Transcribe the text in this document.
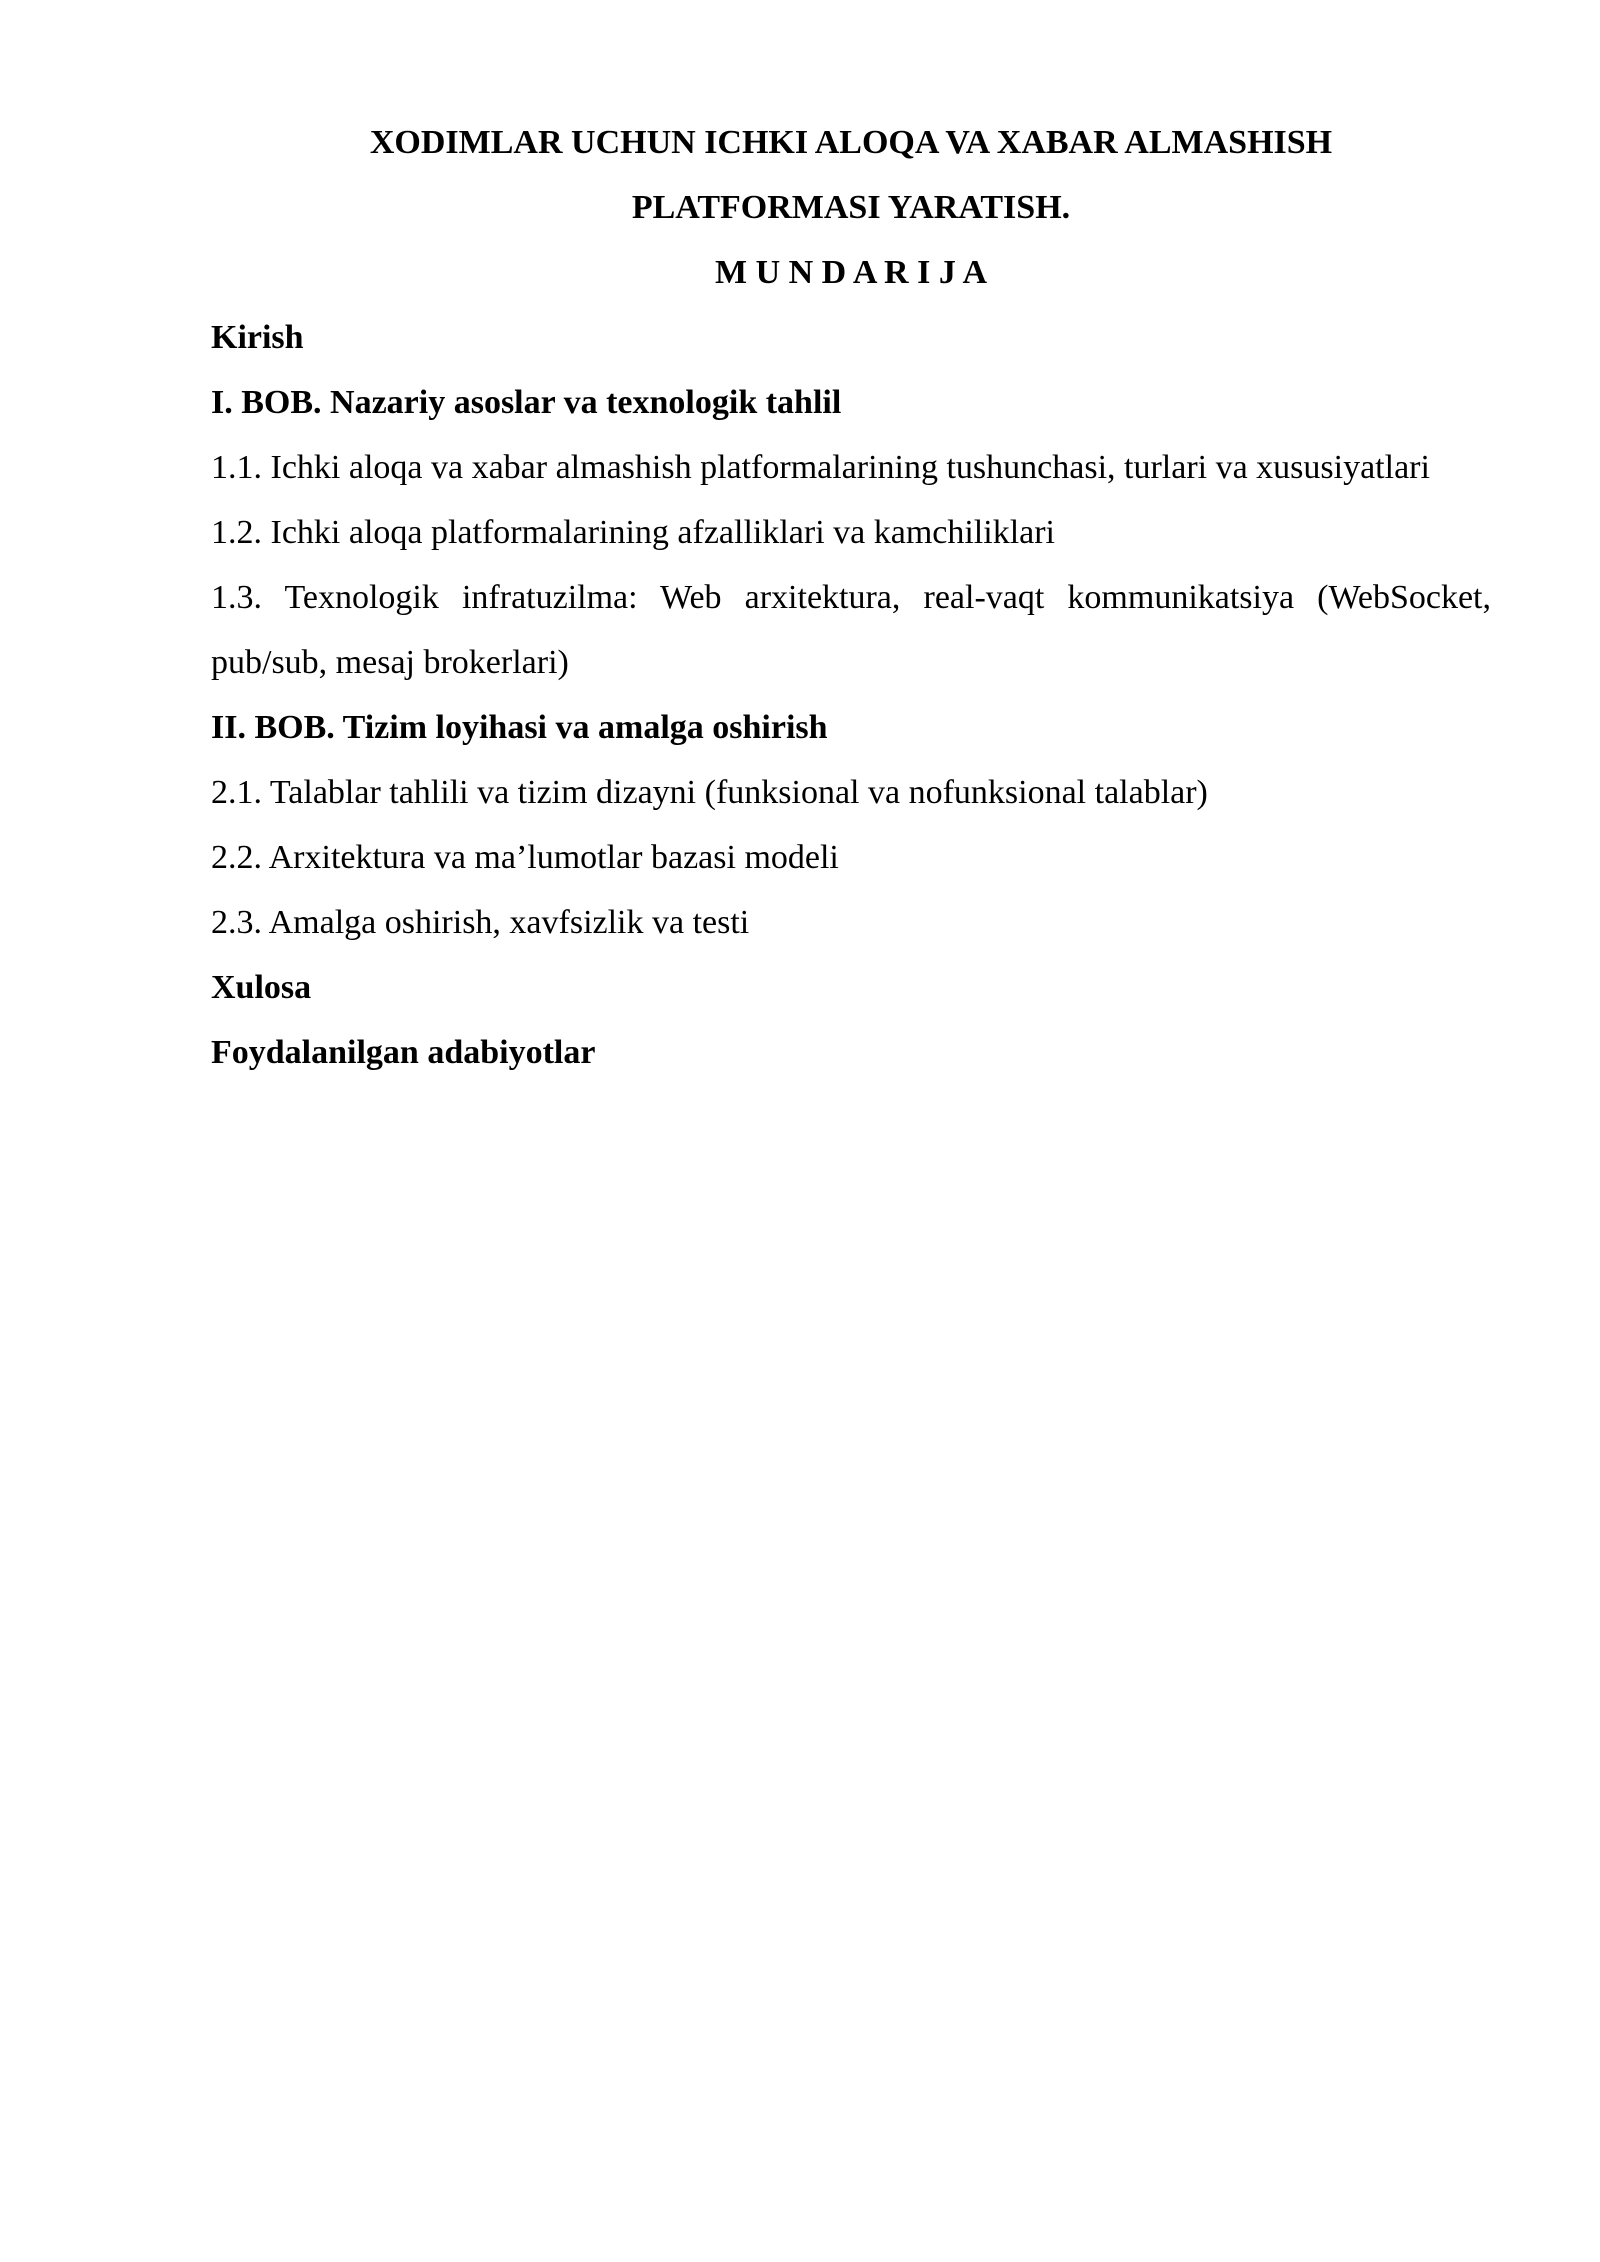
XODIMLAR UCHUN ICHKI ALOQA VA XABAR ALMASHISH

PLATFORMASI YARATISH.

M U N D A R I J A

Kirish

I. BOB. Nazariy asoslar va texnologik tahlil

1.1. Ichki aloqa va xabar almashish platformalarining tushunchasi, turlari va xususiyatlari

1.2. Ichki aloqa platformalarining afzalliklari va kamchiliklari

1.3. Texnologik infratuzilma: Web arxitektura, real-vaqt kommunikatsiya (WebSocket, pub/sub, mesaj brokerlari)

II. BOB. Tizim loyihasi va amalga oshirish

2.1. Talablar tahlili va tizim dizayni (funksional va nofunksional talablar)

2.2. Arxitektura va ma’lumotlar bazasi modeli

2.3. Amalga oshirish, xavfsizlik va testi

Xulosa

Foydalanilgan adabiyotlar
